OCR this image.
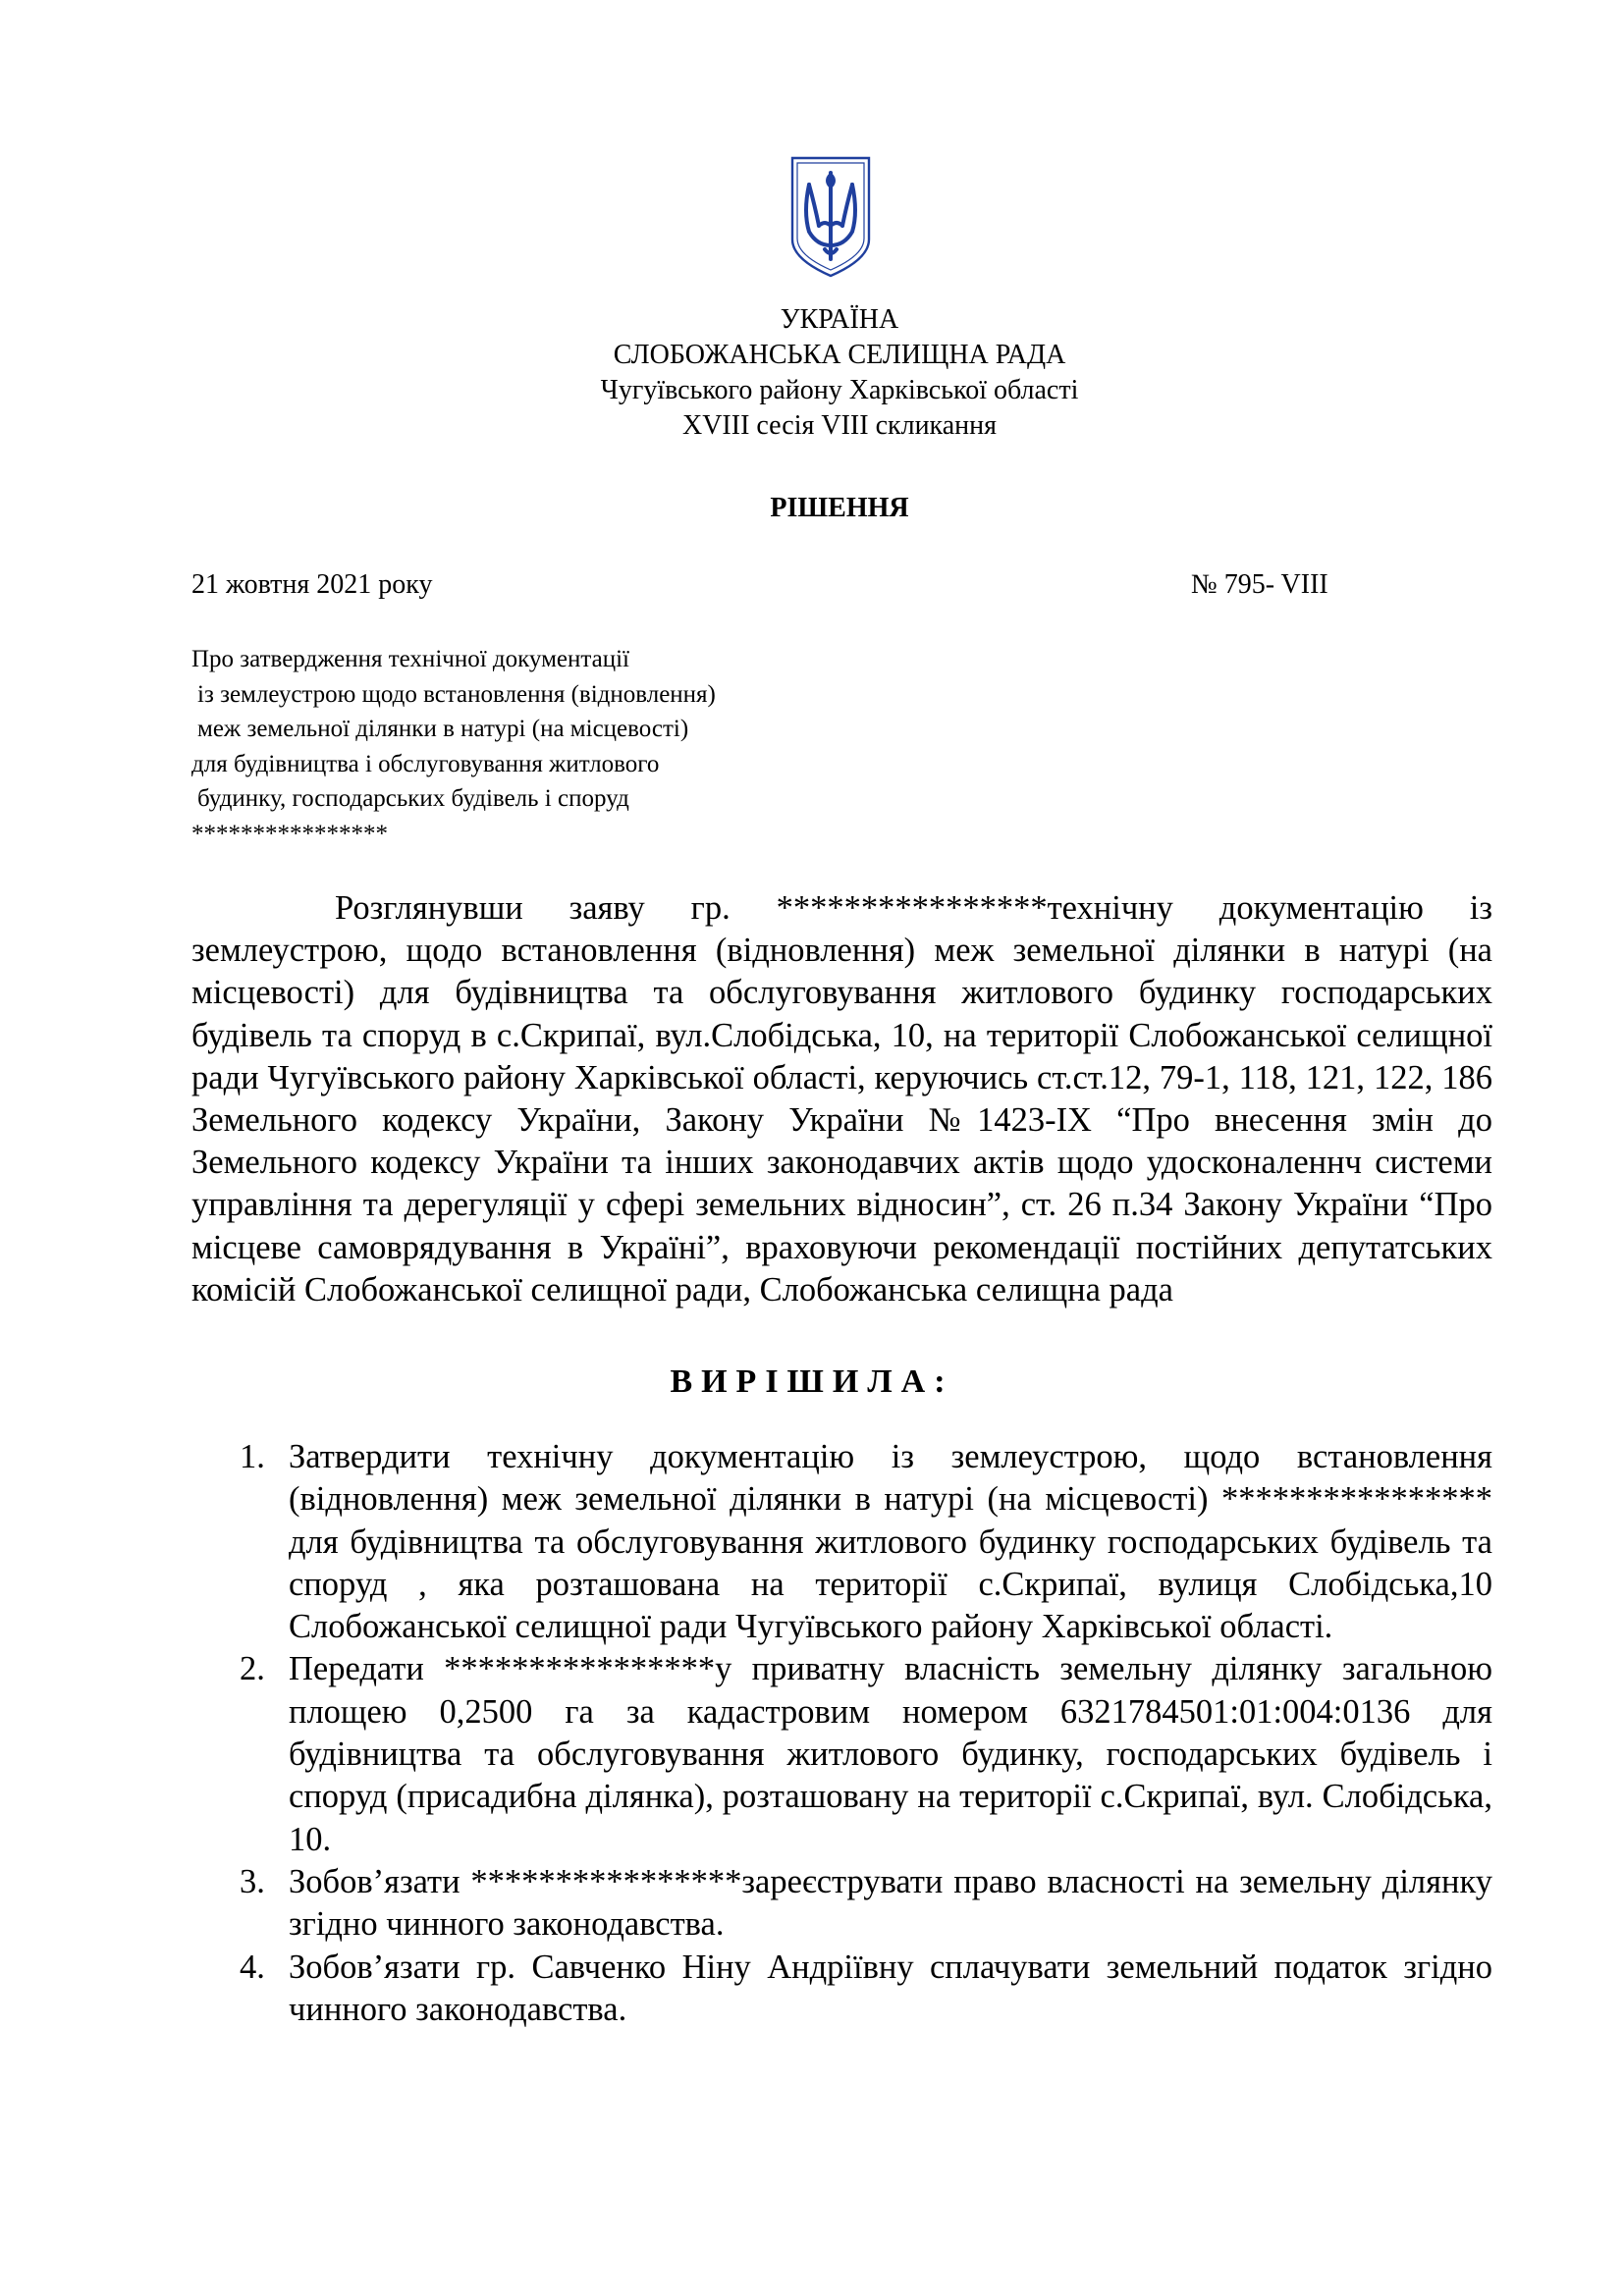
УКРАЇНА
СЛОБОЖАНСЬКА СЕЛИЩНА РАДА
Чугуївського району Харківської області
XVIII сесія VIII скликання
РІШЕННЯ
21 жовтня 2021 року	№ 795- VIII
Про затвердження технічної документації
із землеустрою щодо встановлення (відновлення)
меж земельної ділянки в натурі (на місцевості)
для будівництва і обслуговування житлового
будинку, господарських будівель і споруд
****************
Розглянувши заяву гр. ****************технічну документацію із землеустрою, щодо встановлення (відновлення) меж земельної ділянки в натурі (на місцевості) для будівництва та обслуговування житлового будинку господарських будівель та споруд в с.Скрипаї, вул.Слобідська, 10, на території Слобожанської селищної ради Чугуївського району Харківської області, керуючись ст.ст.12, 79-1, 118, 121, 122, 186 Земельного кодексу України, Закону України №1423-IX “Про внесення змін до Земельного кодексу України та інших законодавчих актів щодо удосконаленнч системи управління та дерегуляції у сфері земельних відносин”, ст. 26 п.34 Закону України “Про місцеве самоврядування в Україні”, враховуючи рекомендації постійних депутатських комісій Слобожанської селищної ради, Слобожанська селищна рада
ВИРІШИЛА:
1. Затвердити технічну документацію із землеустрою, щодо встановлення (відновлення) меж земельної ділянки в натурі (на місцевості) **************** для будівництва та обслуговування житлового будинку господарських будівель та споруд , яка розташована на території с.Скрипаї, вулиця Слобідська,10 Слобожанської селищної ради Чугуївського району Харківської області.
2. Передати ****************у приватну власність земельну ділянку загальною площею 0,2500 га за кадастровим номером 6321784501:01:004:0136 для будівництва та обслуговування житлового будинку, господарських будівель і споруд (присадибна ділянка), розташовану на території с.Скрипаї, вул. Слобідська, 10.
3. Зобов’язати ****************зареєструвати право власності на земельну ділянку згідно чинного законодавства.
4. Зобов’язати гр. Савченко Ніну Андріївну сплачувати земельний податок згідно чинного законодавства.
